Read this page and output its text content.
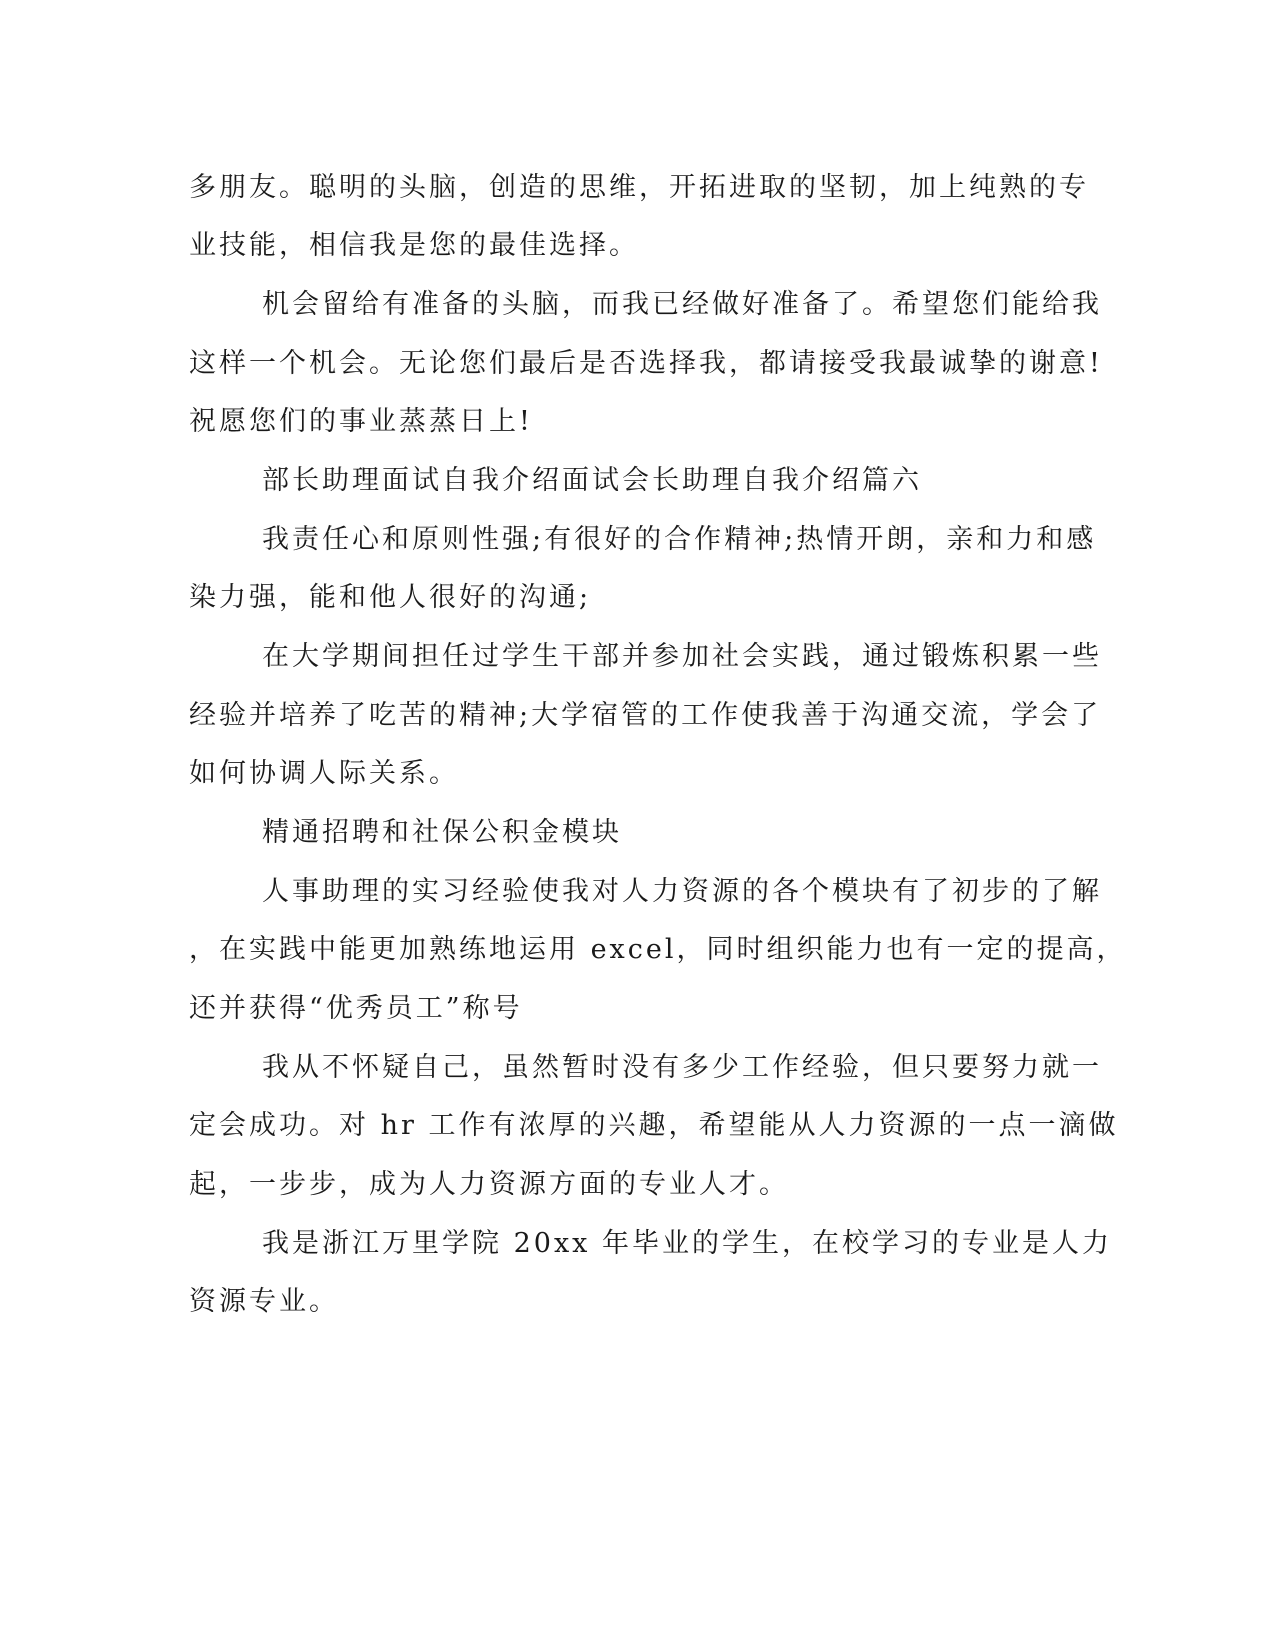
多朋友。聪明的头脑，创造的思维，开拓进取的坚韧，加上纯熟的专
业技能，相信我是您的最佳选择。
机会留给有准备的头脑，而我已经做好准备了。希望您们能给我
这样一个机会。无论您们最后是否选择我，都请接受我最诚挚的谢意!
祝愿您们的事业蒸蒸日上!
部长助理面试自我介绍面试会长助理自我介绍篇六
我责任心和原则性强;有很好的合作精神;热情开朗，亲和力和感
染力强，能和他人很好的沟通;
在大学期间担任过学生干部并参加社会实践，通过锻炼积累一些
经验并培养了吃苦的精神;大学宿管的工作使我善于沟通交流，学会了
如何协调人际关系。
精通招聘和社保公积金模块
人事助理的实习经验使我对人力资源的各个模块有了初步的了解
，在实践中能更加熟练地运用 excel，同时组织能力也有一定的提高，
还并获得“优秀员工”称号
我从不怀疑自己，虽然暂时没有多少工作经验，但只要努力就一
定会成功。对 hr 工作有浓厚的兴趣，希望能从人力资源的一点一滴做
起，一步步，成为人力资源方面的专业人才。
我是浙江万里学院 20xx 年毕业的学生，在校学习的专业是人力
资源专业。
